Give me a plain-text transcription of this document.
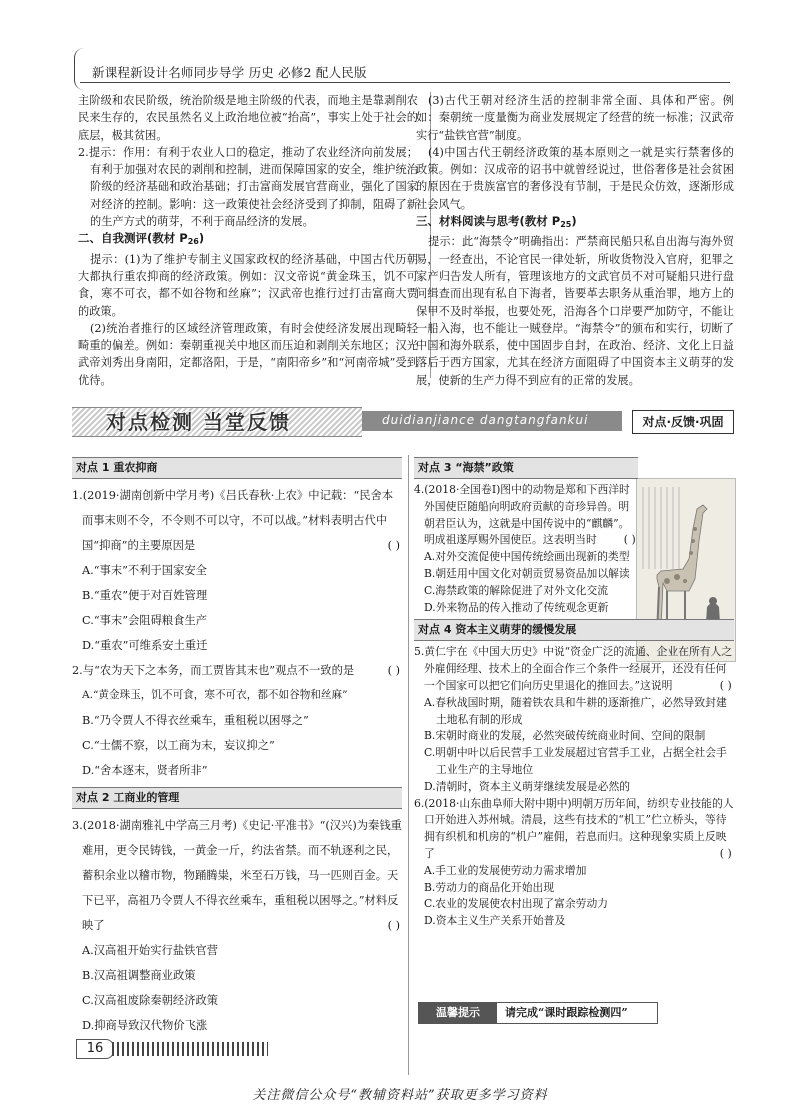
新课程新设计名师同步导学 历史 必修2 配人民版

主阶级和农民阶级，统治阶级是地主阶级的代表，而地主是靠剥削农民来生存的，农民虽然名义上政治地位被“抬高”，事实上处于社会的底层，极其贫困。

2.提示：作用：有利于农业人口的稳定，推动了农业经济向前发展；有利于加强对农民的剥削和控制，进而保障国家的安全，维护统治阶级的经济基础和政治基础；打击富商发展官营商业，强化了国家对经济的控制。影响：这一政策使社会经济受到了抑制，阻碍了新的生产方式的萌芽，不利于商品经济的发展。

二、自我测评(教材 $P_{26}$)

提示：(1)为了维护专制主义国家政权的经济基础，中国古代历朝大都执行重农抑商的经济政策。例如：汉文帝说“黄金珠玉，饥不可食，寒不可衣，都不如谷物和丝麻”；汉武帝也推行过打击富商大贾的政策。

(2)统治者推行的区域经济管理政策，有时会使经济发展出现畸轻畸重的偏差。例如：秦朝重视关中地区而压迫和剥削关东地区；汉光武帝刘秀出身南阳，定都洛阳，于是，“南阳帝乡”和“河南帝城”受到优待。

(3)古代王朝对经济生活的控制非常全面、具体和严密。例如：秦朝统一度量衡为商业发展规定了经营的统一标准；汉武帝实行“盐铁官营”制度。

(4)中国古代王朝经济政策的基本原则之一就是实行禁奢侈的政策。例如：汉成帝的诏书中就曾经说过，世俗奢侈是社会贫困的原因在于贵族富官的奢侈没有节制，于是民众仿效，逐渐形成社会风气。

三、材料阅读与思考(教材 $P_{25}$)

提示：此“海禁令”明确指出：严禁商民船只私自出海与海外贸易，一经查出，不论官民一律处斩，所收货物没入官府，犯罪之家产归告发人所有，管理该地方的文武官员不对可疑船只进行盘问缉查而出现有私自下海者，皆要革去职务从重治罪，地方上的保甲不及时举报，也要处死，沿海各个口岸要严加防守，不能让一船入海，也不能让一贼登岸。“海禁令”的颁布和实行，切断了中国和海外联系，使中国固步自封，在政治、经济、文化上日益落后于西方国家，尤其在经济方面阻碍了中国资本主义萌芽的发展，使新的生产力得不到应有的正常的发展。

对点检测 当堂反馈	duidianjiance dangtangfankui	对点·反馈·巩固
对点 1 重农抑商

1.(2019·湖南创新中学月考)《吕氏春秋·上农》中记载：“民舍本而事末则不令，不令则不可以守，不可以战。”材料表明古代中国“抑商”的主要原因是	( )

A.“事末”不利于国家安全

B.“重农”便于对百姓管理

C.“事末”会阻碍粮食生产

D.“重农”可维系安土重迁

2.与“农为天下之本务，而工贾皆其末也”观点不一致的是	( )

A.“黄金珠玉，饥不可食，寒不可衣，都不如谷物和丝麻”

B.“乃令贾人不得衣丝乘车，重租税以困辱之”

C.“士儒不察，以工商为末，妄议抑之”

D.“舍本逐末，贤者所非”

对点 2 工商业的管理

3.(2018·湖南雅礼中学高三月考)《史记·平准书》“(汉兴)为秦钱重难用，更令民铸钱，一黄金一斤，约法省禁。而不轨逐利之民，蓄积余业以稽市物，物踊腾粜，米至石万钱，马一匹则百金。天下已平，高祖乃令贾人不得衣丝乘车，重租税以困辱之。”材料反映了	( )

A.汉高祖开始实行盐铁官营

B.汉高祖调整商业政策

C.汉高祖废除秦朝经济政策

D.抑商导致汉代物价飞涨

对点 3 “海禁”政策

4.(2018·全国卷Ⅰ)图中的动物是郑和下西洋时外国使臣随船向明政府贡献的奇珍异兽。明朝君臣认为，这就是中国传说中的“麒麟”。明成祖遂厚赐外国使臣。这表明当时	( )

A.对外交流促使中国传统绘画出现新的类型

B.朝廷用中国文化对朝贡贸易资品加以解读

C.海禁政策的解除促进了对外文化交流

D.外来物品的传入推动了传统观念更新

对点 4 资本主义萌芽的缓慢发展

5.黄仁宇在《中国大历史》中说“资金广泛的流通、企业在所有人之外雇佣经理、技术上的全面合作三个条件一经展开，还没有任何一个国家可以把它们向历史里退化的推回去。”这说明	( )

A.春秋战国时期，随着铁农具和牛耕的逐渐推广，必然导致封建土地私有制的形成

B.宋朝时商业的发展，必然突破传统商业时间、空间的限制

C.明朝中叶以后民营手工业发展超过官营手工业，占据全社会手工业生产的主导地位

D.清朝时，资本主义萌芽继续发展是必然的

6.(2018·山东曲阜师大附中期中)明朝万历年间，纺织专业技能的人口开始进入苏州城。清晨，这些有技术的“机工”伫立桥头，等待拥有织机和机房的“机户”雇佣，若息而归。这种现象实质上反映了	( )

A.手工业的发展使劳动力需求增加

B.劳动力的商品化开始出现

C.农业的发展使农村出现了富余劳动力

D.资本主义生产关系开始普及

温馨提示	请完成“课时跟踪检测四”
16
关注微信公众号“教辅资料站”获取更多学习资料
